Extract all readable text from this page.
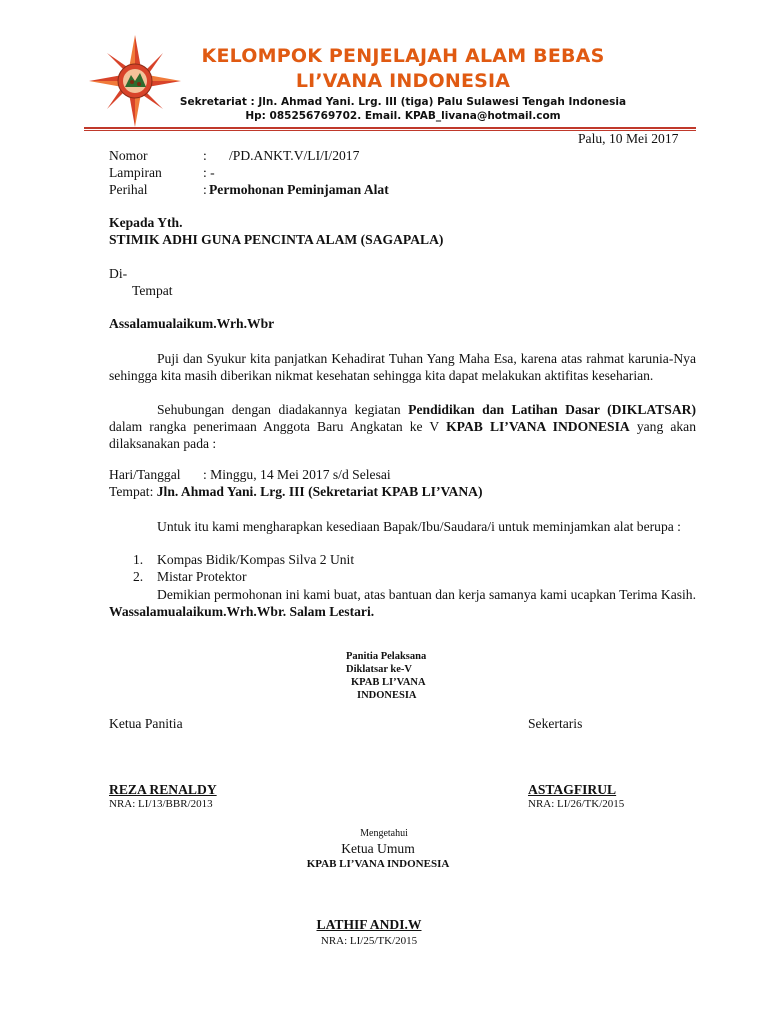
KELOMPOK PENJELAJAH ALAM BEBAS
LI’VANA INDONESIA
Sekretariat : Jln. Ahmad Yani. Lrg. III (tiga) Palu Sulawesi Tengah Indonesia
Hp: 085256769702. Email. KPAB_livana@hotmail.com
Palu, 10 Mei 2017
Nomor	: /PD.ANKT.V/LI/I/2017
Lampiran	: -
Perihal	: Permohonan Peminjaman Alat
Kepada Yth.
STIMIK ADHI GUNA PENCINTA ALAM (SAGAPALA)
Di-
Tempat
Assalamualaikum.Wrh.Wbr
Puji dan Syukur kita panjatkan Kehadirat Tuhan Yang Maha Esa, karena atas rahmat karunia-Nya sehingga kita masih diberikan nikmat kesehatan sehingga kita dapat melakukan aktifitas keseharian.
Sehubungan dengan diadakannya kegiatan Pendidikan dan Latihan Dasar (DIKLATSAR) dalam rangka penerimaan Anggota Baru Angkatan ke V KPAB LI’VANA INDONESIA yang akan dilaksanakan pada :
Hari/Tanggal : Minggu, 14 Mei 2017 s/d Selesai
Tempat: Jln. Ahmad Yani. Lrg. III (Sekretariat KPAB LI’VANA)
Untuk itu kami mengharapkan kesediaan Bapak/Ibu/Saudara/i untuk meminjamkan alat berupa :
1. Kompas Bidik/Kompas Silva 2 Unit
2. Mistar Protektor
Demikian permohonan ini kami buat, atas bantuan dan kerja samanya kami ucapkan Terima Kasih. Wassalamualaikum.Wrh.Wbr. Salam Lestari.
Panitia Pelaksana
Diklatsar ke-V
KPAB LI’VANA
INDONESIA
Ketua Panitia	Sekertaris
REZA RENALDY
NRA: LI/13/BBR/2013
ASTAGFIRUL
NRA: LI/26/TK/2015
Mengetahui
Ketua Umum
KPAB LI’VANA INDONESIA
LATHIF ANDI.W
NRA: LI/25/TK/2015
